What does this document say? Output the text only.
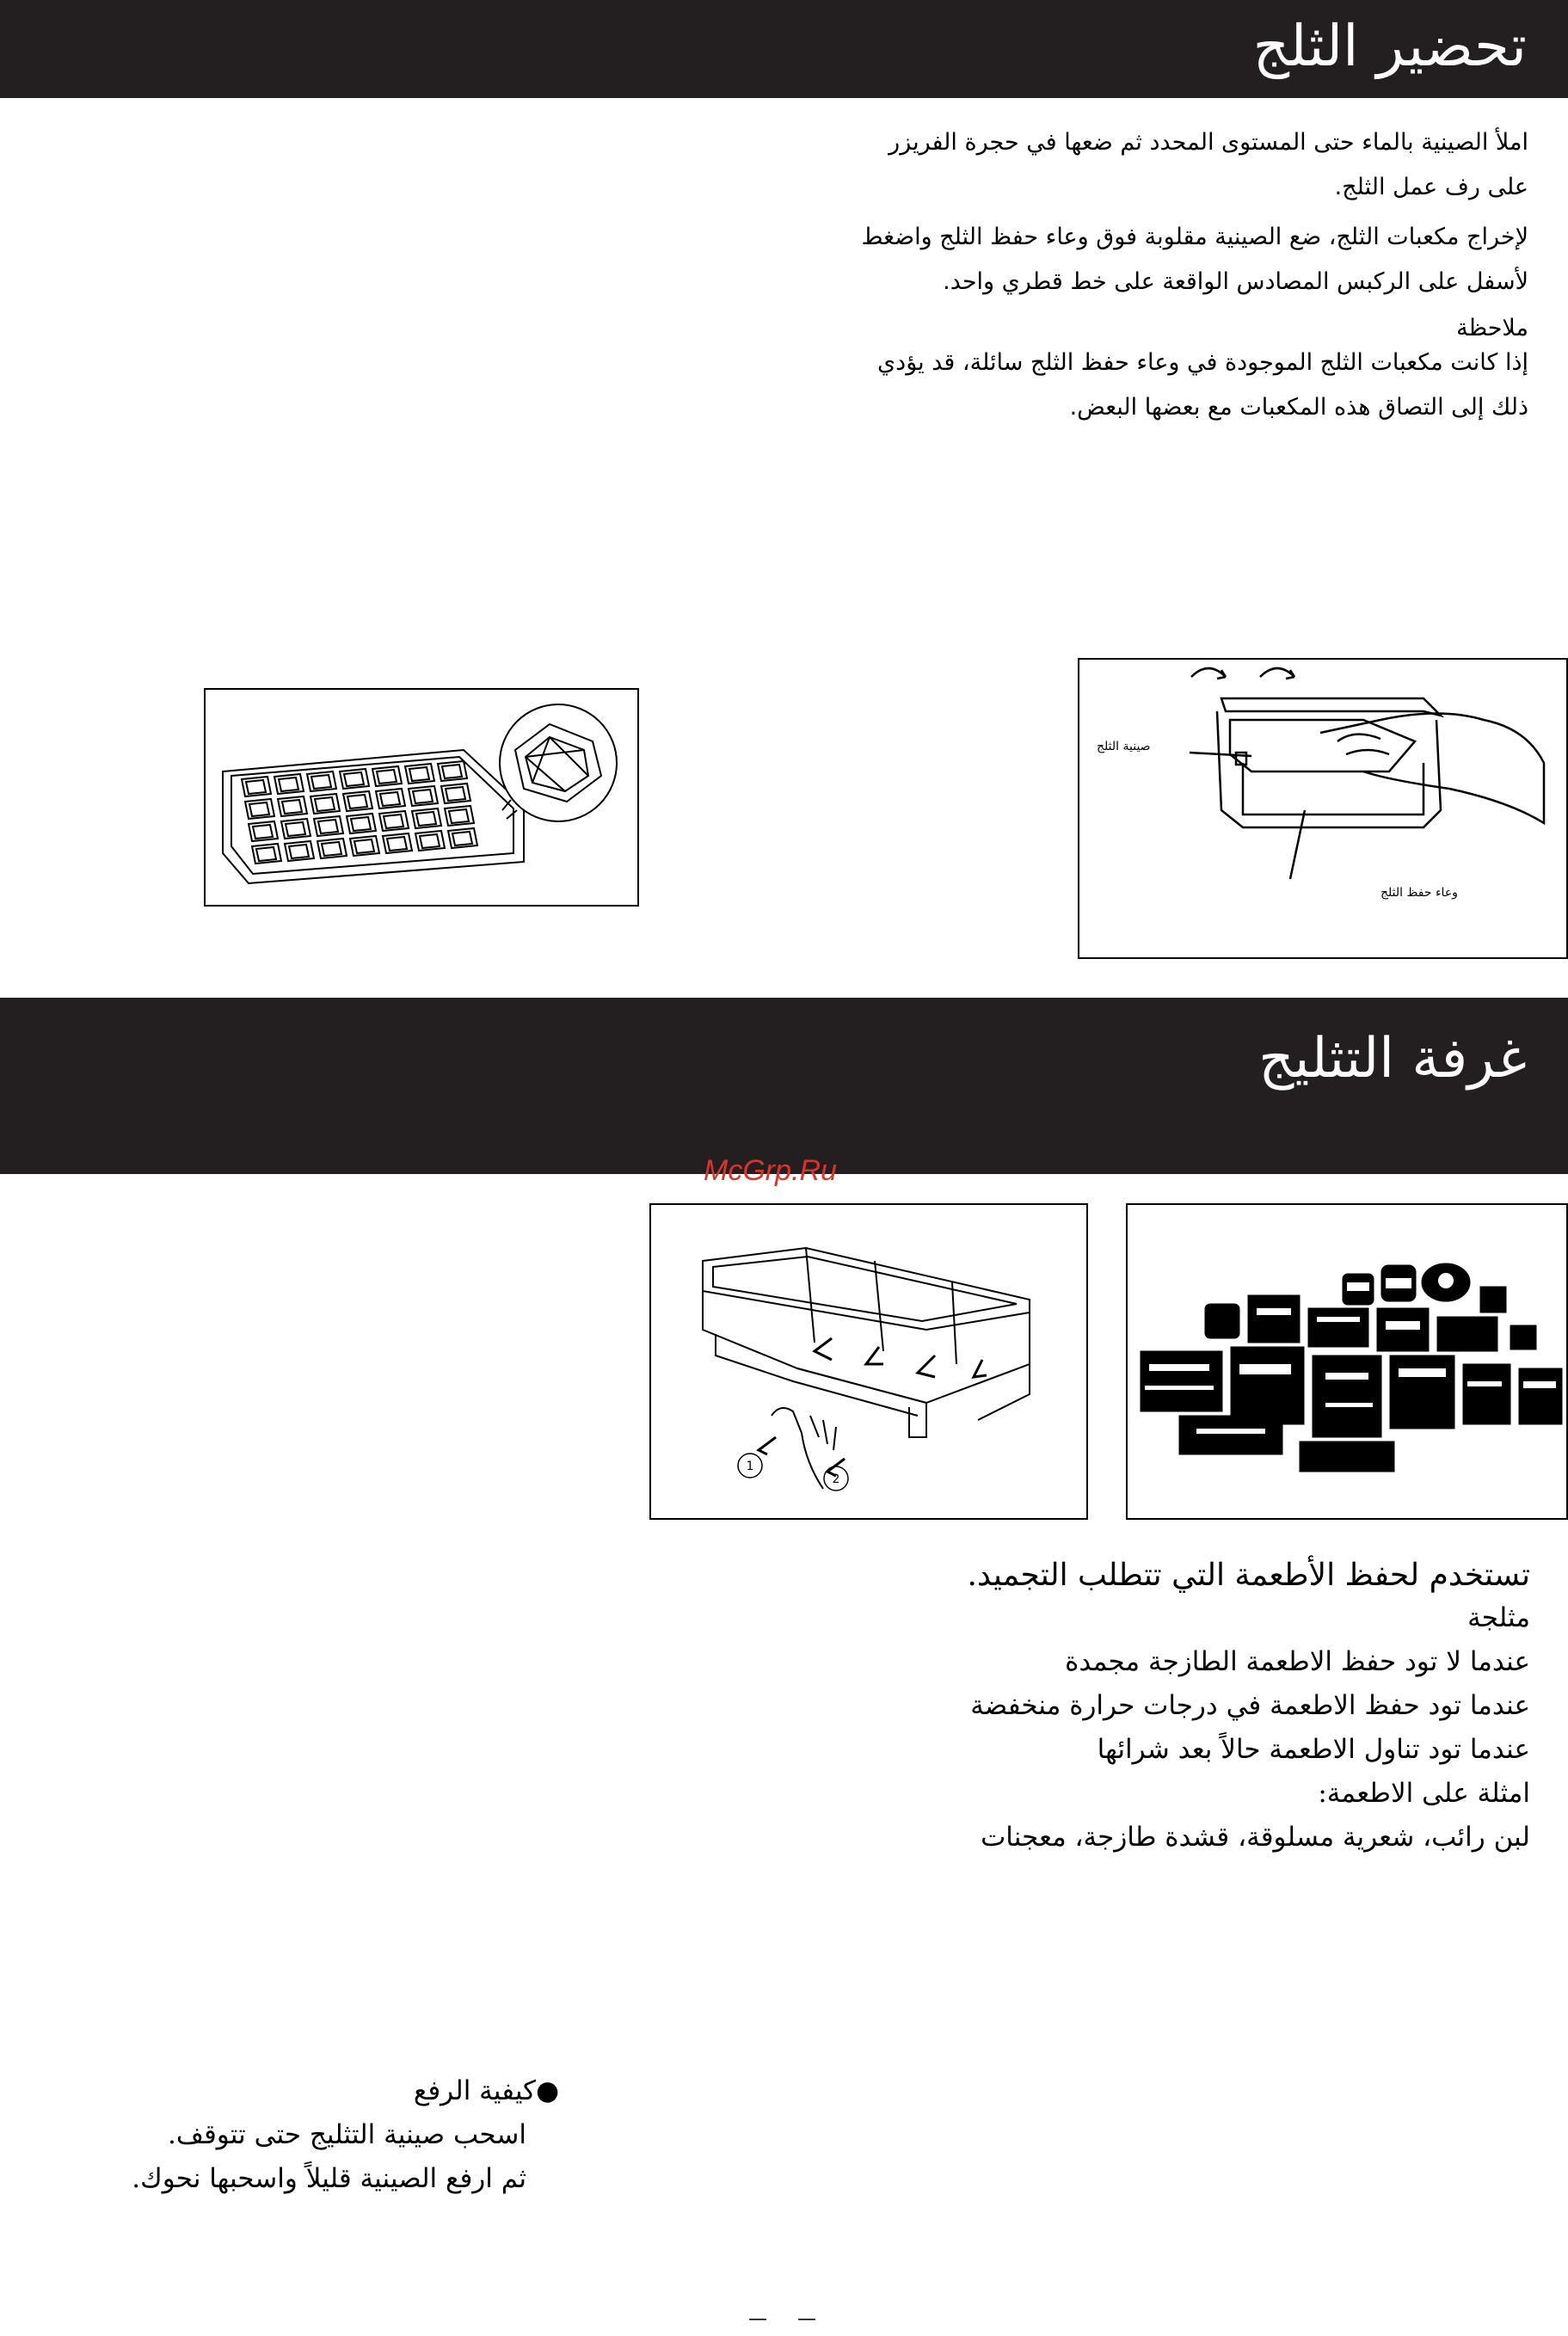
تحضير الثلج
املأ الصينية بالماء حتى المستوى المحدد ثم ضعها في حجرة الفريزر
على رف عمل الثلج.
لإخراج مكعبات الثلج، ضع الصينية مقلوبة فوق وعاء حفظ الثلج واضغط
لأسفل على الركبس المصادس الواقعة على خط قطري واحد.
ملاحظة
إذا كانت مكعبات الثلج الموجودة في وعاء حفظ الثلج سائلة، قد يؤدي
ذلك إلى التصاق هذه المكعبات مع بعضها البعض.
صينية الثلج
وعاء حفظ الثلج
غرفة التثليج
McGrp.Ru
1
2
تستخدم لحفظ الأطعمة التي تتطلب التجميد.
مثلجة
عندما لا تود حفظ الاطعمة الطازجة مجمدة
عندما تود حفظ الاطعمة في درجات حرارة منخفضة
عندما تود تناول الاطعمة حالاً بعد شرائها
امثلة على الاطعمة:
لبن رائب، شعرية مسلوقة، قشدة طازجة، معجنات
●كيفية الرفع
اسحب صينية التثليج حتى تتوقف.
ثم ارفع الصينية قليلاً واسحبها نحوك.
— —
